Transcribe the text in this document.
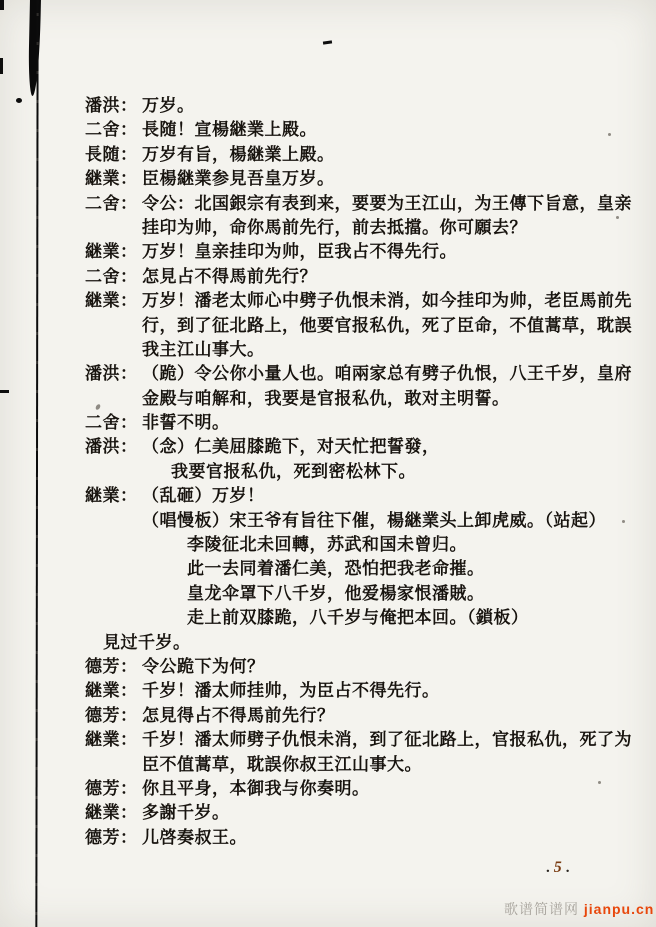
潘洪： 万岁。
二舍： 長随！宣楊継業上殿。
長随： 万岁有旨，楊継業上殿。
継業： 臣楊継業参見吾皇万岁。
二舍： 令公：北国銀宗有表到来，要要为王江山，为王傳下旨意，皇亲
挂印为帅，命你馬前先行，前去抵擋。你可願去？
継業： 万岁！皇亲挂印为帅，臣我占不得先行。
二舍： 怎見占不得馬前先行？
継業： 万岁！潘老太师心中劈子仇恨未消，如今挂印为帅，老臣馬前先
行，到了征北路上，他要官报私仇，死了臣命，不值蒿草，耽誤
我主江山事大。
潘洪： （跪）令公你小量人也。咱兩家总有劈子仇恨，八王千岁，皇府
金殿与咱解和，我要是官报私仇，敢对主明誓。
二舍： 非誓不明。
潘洪： （念）仁美屈膝跪下，对天忙把誓發，
我要官报私仇，死到密松林下。
継業： （乱砸）万岁！
（唱慢板）宋王爷有旨往下催，楊継業头上卸虎威。（站起）
李陵征北未回轉，苏武和国未曾归。
此一去同着潘仁美，恐怕把我老命摧。
皇龙伞罩下八千岁，他爱楊家恨潘賊。
走上前双膝跪，八千岁与俺把本回。（鎖板）
見过千岁。
德芳： 令公跪下为何？
継業： 千岁！潘太师挂帅，为臣占不得先行。
德芳： 怎見得占不得馬前先行？
継業： 千岁！潘太师劈子仇恨未消，到了征北路上，官报私仇，死了为
臣不值蒿草，耽誤你叔王江山事大。
德芳： 你且平身，本御我与你奏明。
継業： 多謝千岁。
德芳： 儿啓奏叔王。
. 5 .
歌谱简谱网 jianpu.cn
